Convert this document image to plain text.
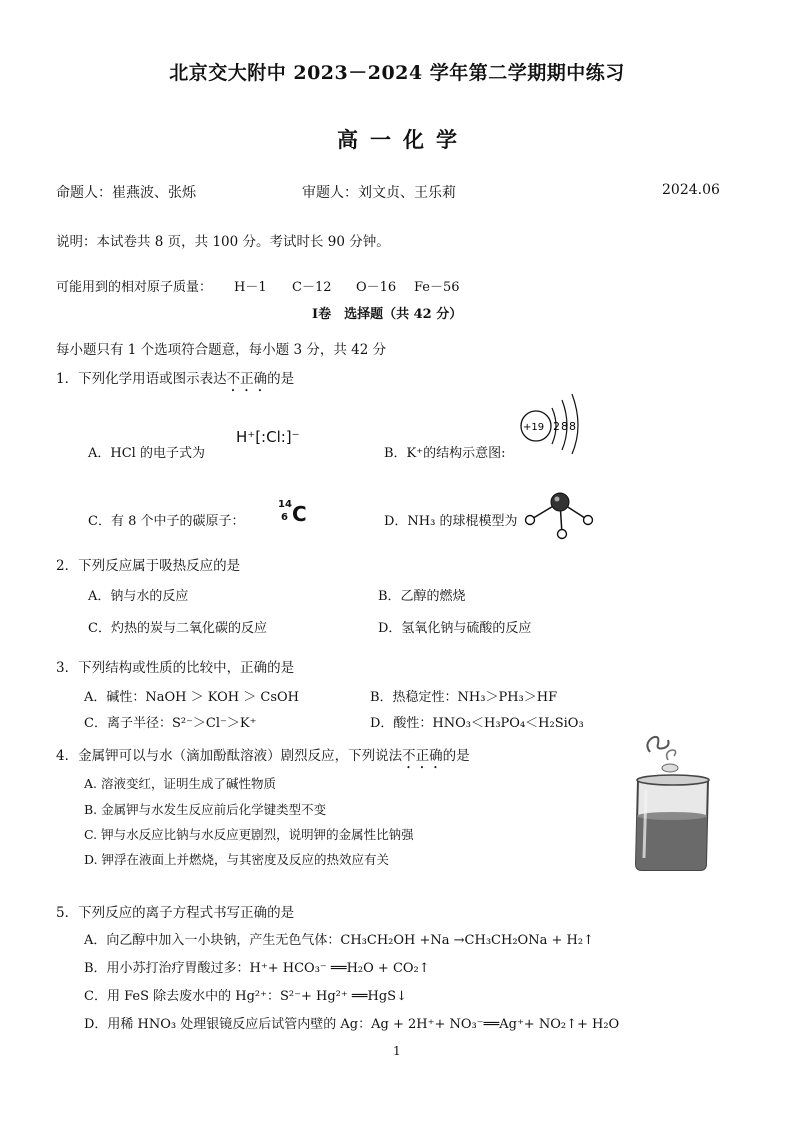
北京交大附中 2023－2024 学年第二学期期中练习
高一化学
命题人：崔燕波、张烁	审题人：刘文贞、王乐莉	2024.06
说明：本试卷共 8 页，共 100 分。考试时长 90 分钟。
可能用到的相对原子质量： H－1 C－12 O－16 Fe－56
I卷　选择题（共 42 分）
每小题只有 1 个选项符合题意，每小题 3 分，共 42 分
1．下列化学用语或图示表达不正确的是
A．HCl 的电子式为
H⁺[:Cl:]⁻
B．K⁺的结构示意图:
+19 288
C．有 8 个中子的碳原子：
14
6 C	D．NH₃ 的球棍模型为
2．下列反应属于吸热反应的是
A．钠与水的反应	B．乙醇的燃烧
C．灼热的炭与二氧化碳的反应	D．氢氧化钠与硫酸的反应
3．下列结构或性质的比较中，正确的是
A．碱性：NaOH ＞ KOH ＞ CsOH	B．热稳定性：NH₃＞PH₃＞HF
C．离子半径：S²⁻＞Cl⁻＞K⁺	D．酸性：HNO₃＜H₃PO₄＜H₂SiO₃
4．金属钾可以与水（滴加酚酞溶液）剧烈反应，下列说法不正确的是
A. 溶液变红，证明生成了碱性物质
B. 金属钾与水发生反应前后化学键类型不变
C. 钾与水反应比钠与水反应更剧烈，说明钾的金属性比钠强
D. 钾浮在液面上并燃烧，与其密度及反应的热效应有关
5．下列反应的离子方程式书写正确的是
A．向乙醇中加入一小块钠，产生无色气体：CH₃CH₂OH +Na →CH₃CH₂ONa + H₂↑
B．用小苏打治疗胃酸过多：H⁺+ HCO₃⁻ ══H₂O + CO₂↑
C．用 FeS 除去废水中的 Hg²⁺：S²⁻+ Hg²⁺ ══HgS↓
D．用稀 HNO₃ 处理银镜反应后试管内壁的 Ag：Ag + 2H⁺+ NO₃⁻══Ag⁺+ NO₂↑+ H₂O
1
